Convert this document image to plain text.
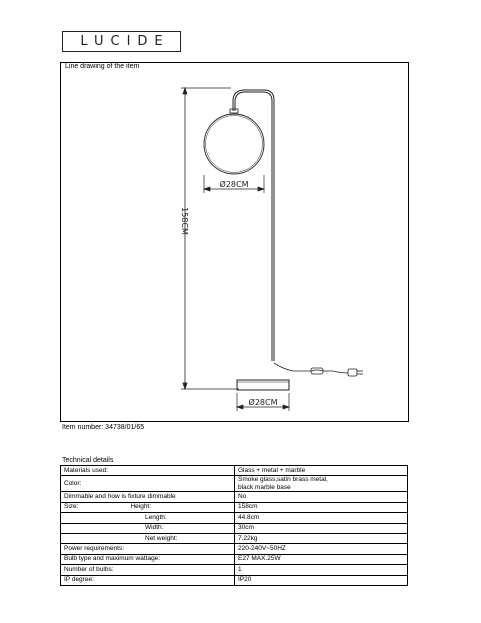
LUCIDE
Line drawing of the item
158CM
Ø28CM
Ø28CM
Item number: 34738/01/65
Technical details
Materials used:	Glass + metal + marble
Color:	Smoke glass,satin brass metal,
black marble base

Dimmable and how is fixture dimmable	No
Size: Height:	158cm
Length:	44.8cm
Width:	30cm
Net weight:	7.22kg
Power requirements:	220-240V~50HZ
Bulb type and maximum wattage:	E27 MAX.25W
Number of bulbs:	1
IP degree:	IP20
